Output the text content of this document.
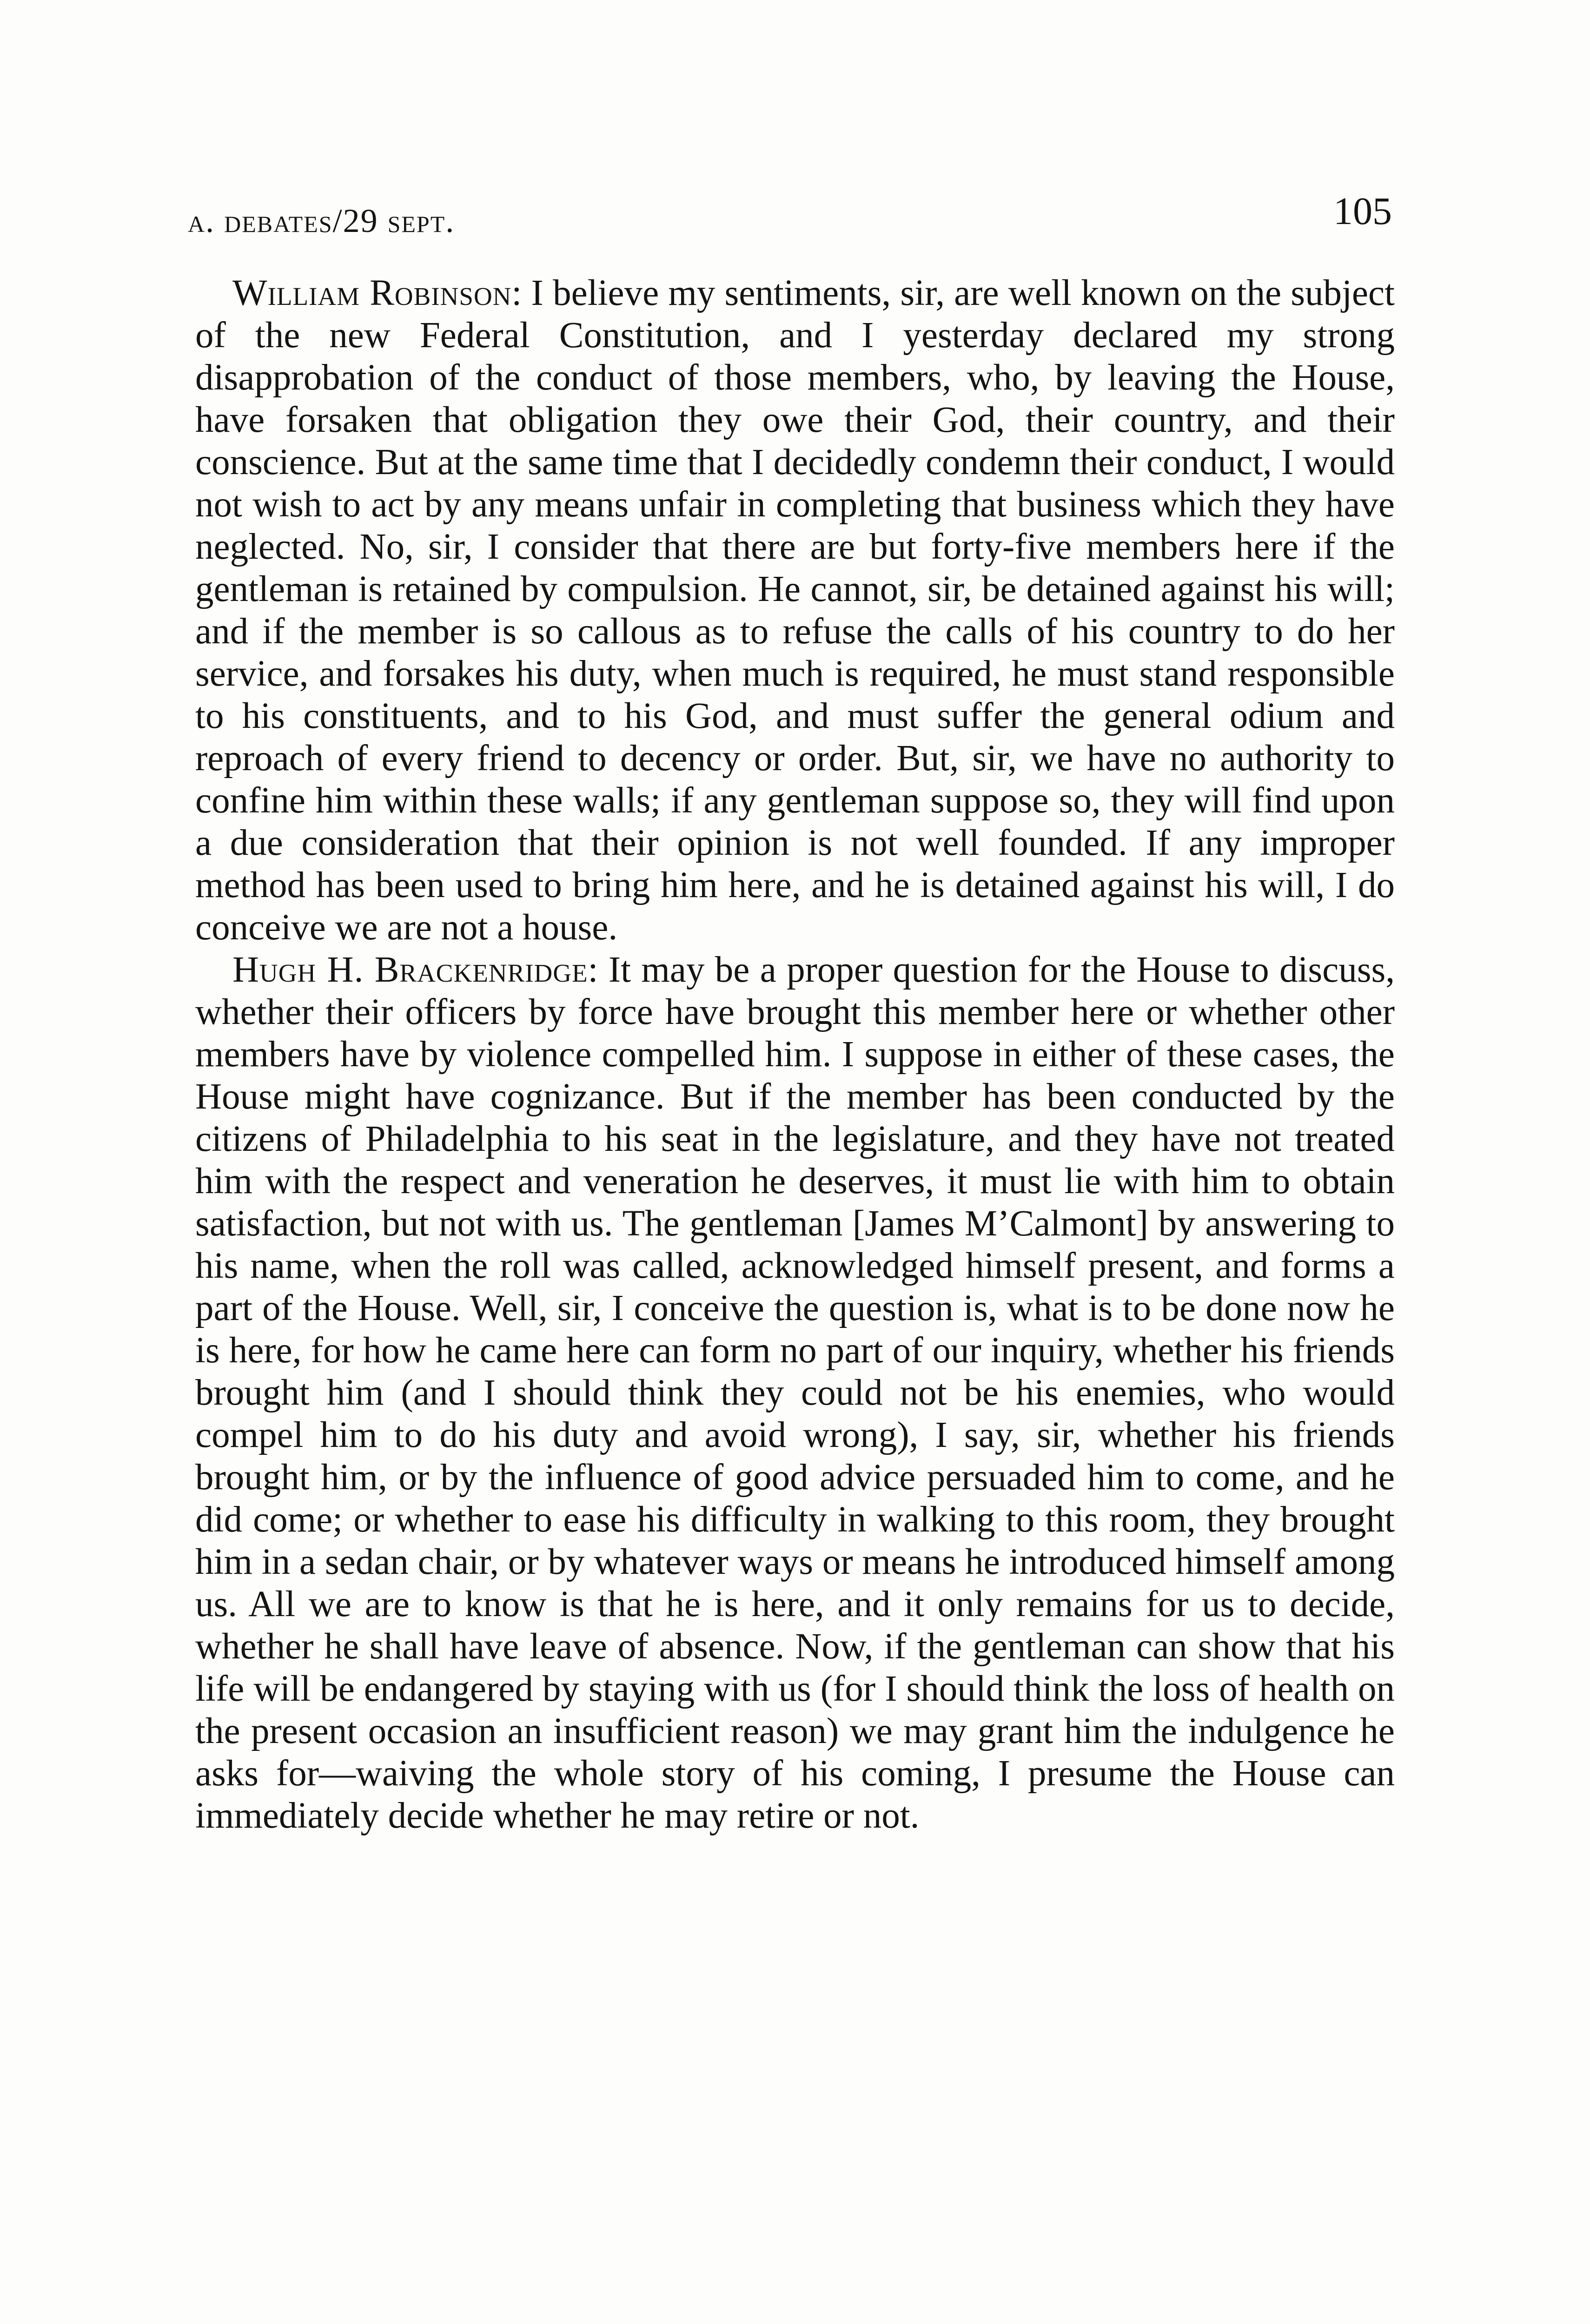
a. debates/29 sept.	105

William Robinson: I believe my sentiments, sir, are well known on the subject of the new Federal Constitution, and I yesterday declared my strong disapprobation of the conduct of those members, who, by leaving the House, have forsaken that obligation they owe their God, their country, and their conscience. But at the same time that I decidedly condemn their conduct, I would not wish to act by any means unfair in completing that business which they have neglected. No, sir, I consider that there are but forty-five members here if the gentleman is retained by compulsion. He cannot, sir, be detained against his will; and if the member is so callous as to refuse the calls of his country to do her service, and forsakes his duty, when much is required, he must stand responsible to his constituents, and to his God, and must suffer the general odium and reproach of every friend to decency or order. But, sir, we have no authority to confine him within these walls; if any gentleman suppose so, they will find upon a due consideration that their opinion is not well founded. If any improper method has been used to bring him here, and he is detained against his will, I do conceive we are not a house.

Hugh H. Brackenridge: It may be a proper question for the House to discuss, whether their officers by force have brought this member here or whether other members have by violence compelled him. I suppose in either of these cases, the House might have cognizance. But if the member has been conducted by the citizens of Philadelphia to his seat in the legislature, and they have not treated him with the respect and veneration he deserves, it must lie with him to obtain satisfaction, but not with us. The gentleman [James M’Calmont] by answering to his name, when the roll was called, acknowledged himself present, and forms a part of the House. Well, sir, I conceive the question is, what is to be done now he is here, for how he came here can form no part of our inquiry, whether his friends brought him (and I should think they could not be his enemies, who would compel him to do his duty and avoid wrong), I say, sir, whether his friends brought him, or by the influence of good advice persuaded him to come, and he did come; or whether to ease his difficulty in walking to this room, they brought him in a sedan chair, or by whatever ways or means he introduced himself among us. All we are to know is that he is here, and it only remains for us to decide, whether he shall have leave of absence. Now, if the gentleman can show that his life will be endangered by staying with us (for I should think the loss of health on the present occasion an insufficient reason) we may grant him the indulgence he asks for—waiving the whole story of his coming, I presume the House can immediately decide whether he may retire or not.
